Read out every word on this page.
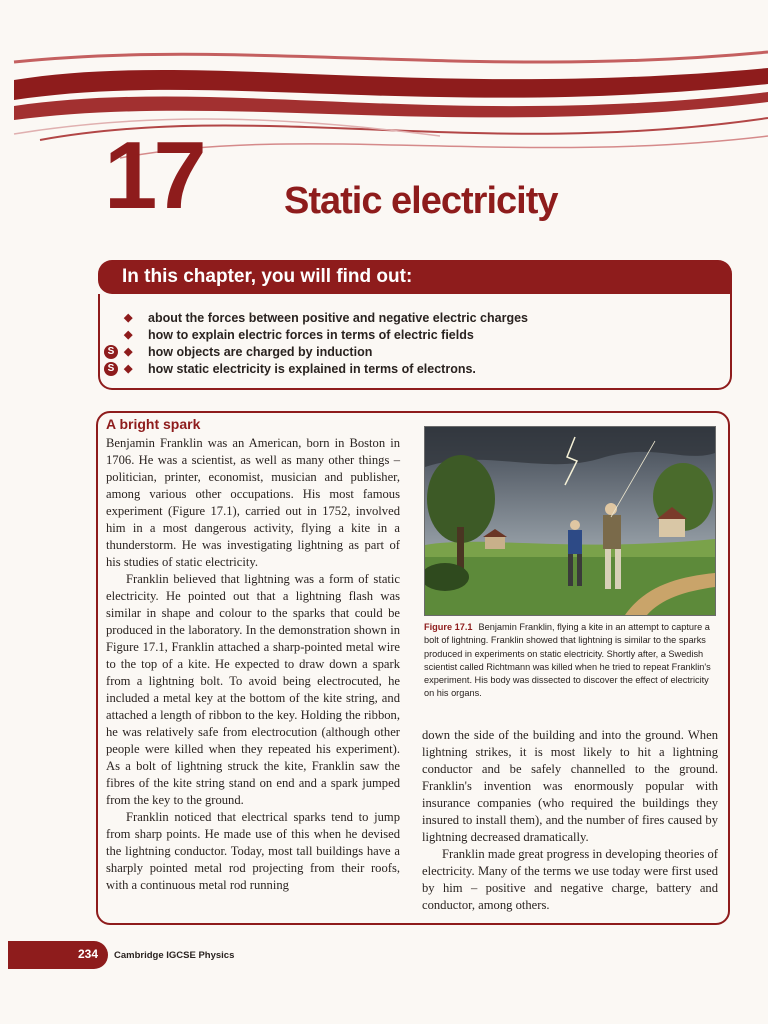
17 Static electricity
In this chapter, you will find out:
◆ about the forces between positive and negative electric charges
◆ how to explain electric forces in terms of electric fields
S ◆ how objects are charged by induction
S ◆ how static electricity is explained in terms of electrons.
A bright spark

Benjamin Franklin was an American, born in Boston in 1706. He was a scientist, as well as many other things – politician, printer, economist, musician and publisher, among various other occupations. His most famous experiment (Figure 17.1), carried out in 1752, involved him in a most dangerous activity, flying a kite in a thunderstorm. He was investigating lightning as part of his studies of static electricity.

Franklin believed that lightning was a form of static electricity. He pointed out that a lightning flash was similar in shape and colour to the sparks that could be produced in the laboratory. In the demonstration shown in Figure 17.1, Franklin attached a sharp-pointed metal wire to the top of a kite. He expected to draw down a spark from a lightning bolt. To avoid being electrocuted, he included a metal key at the bottom of the kite string, and attached a length of ribbon to the key. Holding the ribbon, he was relatively safe from electrocution (although other people were killed when they repeated his experiment). As a bolt of lightning struck the kite, Franklin saw the fibres of the kite string stand on end and a spark jumped from the key to the ground.

Franklin noticed that electrical sparks tend to jump from sharp points. He made use of this when he devised the lightning conductor. Today, most tall buildings have a sharply pointed metal rod projecting from their roofs, with a continuous metal rod running

Figure 17.1 Benjamin Franklin, flying a kite in an attempt to capture a bolt of lightning. Franklin showed that lightning is similar to the sparks produced in experiments on static electricity. Shortly after, a Swedish scientist called Richtmann was killed when he tried to repeat Franklin's experiment. His body was dissected to discover the effect of electricity on his organs.

down the side of the building and into the ground. When lightning strikes, it is most likely to hit a lightning conductor and be safely channelled to the ground. Franklin's invention was enormously popular with insurance companies (who required the buildings they insured to install them), and the number of fires caused by lightning decreased dramatically.

Franklin made great progress in developing theories of electricity. Many of the terms we use today were first used by him – positive and negative charge, battery and conductor, among others.

234 Cambridge IGCSE Physics
